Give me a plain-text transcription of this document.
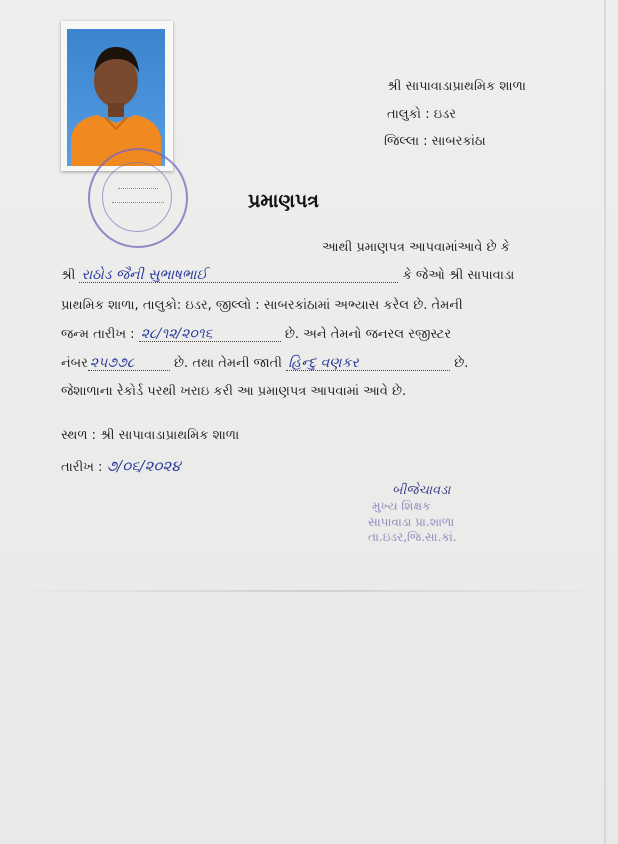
શ્રી સાપાવાડાપ્રાથમિક શાળા
તાલુકો : ઇડર
જિલ્લા : સાબરકાંઠા
પ્રમાણપત્ર
આથી પ્રમાણપત્ર આપવામાંઆવે છે કે
શ્રી રાઠોડ જૈની સુભાષભાઈ	કે જેઓ શ્રી સાપાવાડા
પ્રાથમિક શાળા, તાલુકો: ઇડર, જીલ્લો : સાબરકાંઠામાં અભ્યાસ કરેલ છે. તેમની
જન્મ તારીખ : ૨૮/૧૨/૨૦૧૬	છે. અને તેમનો જનરલ રજીસ્ટર
નંબર ૨૫૭૭૮	છે. તથા તેમની જાતી હિન્દુ વણકર	છે.
જેશાળાના રેકોર્ડ પરથી ખરાઇ કરી આ પ્રમાણપત્ર આપવામાં આવે છે.
સ્થળ : શ્રી સાપાવાડાપ્રાથમિક શાળા
તારીખ : ૭/૦૬/૨૦૨૪
બીજેચાવડા
મુખ્ય શિક્ષક
સાપાવાડા પ્રા.શાળા
તા.ઇડર,જિ.સા.કાં.
